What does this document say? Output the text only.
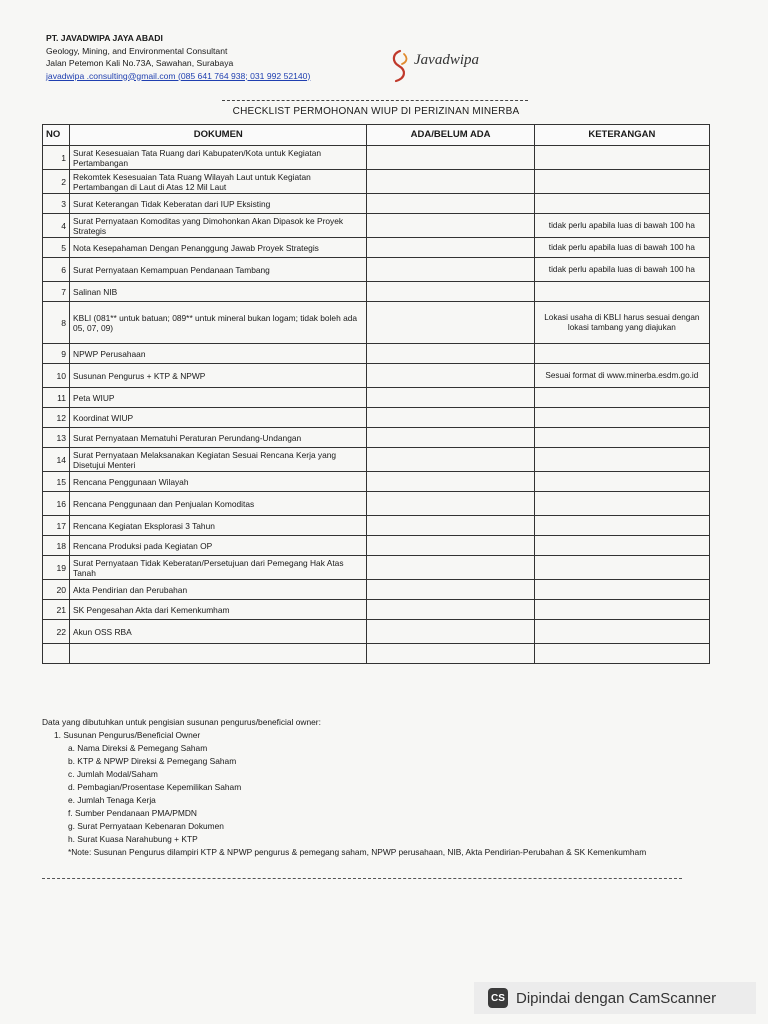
PT. JAVADWIPA JAYA ABADI
Geology, Mining, and Environmental Consultant
Jalan Petemon Kali No.73A, Sawahan, Surabaya
javadwipa .consulting@gmail.com (085 641 764 938; 031 992 52140)
Javadwipa
CHECKLIST PERMOHONAN WIUP DI PERIZINAN MINERBA
NO	DOKUMEN	ADA/BELUM ADA	KETERANGAN
1	Surat Kesesuaian Tata Ruang dari Kabupaten/Kota untuk Kegiatan Pertambangan		
2	Rekomtek Kesesuaian Tata Ruang Wilayah Laut untuk Kegiatan Pertambangan di Laut di Atas 12 Mil Laut		
3	Surat Keterangan Tidak Keberatan dari IUP Eksisting		
4	Surat Pernyataan Komoditas yang Dimohonkan Akan Dipasok ke Proyek Strategis		tidak perlu apabila luas di bawah 100 ha
5	Nota Kesepahaman Dengan Penanggung Jawab Proyek Strategis		tidak perlu apabila luas di bawah 100 ha
6	Surat Pernyataan Kemampuan Pendanaan Tambang		tidak perlu apabila luas di bawah 100 ha
7	Salinan NIB		
8	KBLI (081** untuk batuan; 089** untuk mineral bukan logam; tidak boleh ada 05, 07, 09)		Lokasi usaha di KBLI harus sesuai dengan lokasi tambang yang diajukan
9	NPWP Perusahaan		
10	Susunan Pengurus + KTP & NPWP		Sesuai format di www.minerba.esdm.go.id
11	Peta WIUP		
12	Koordinat WIUP		
13	Surat Pernyataan Mematuhi Peraturan Perundang-Undangan		
14	Surat Pernyataan Melaksanakan Kegiatan Sesuai Rencana Kerja yang Disetujui Menteri		
15	Rencana Penggunaan Wilayah		
16	Rencana Penggunaan dan Penjualan Komoditas		
17	Rencana Kegiatan Eksplorasi 3 Tahun		
18	Rencana Produksi pada Kegiatan OP		
19	Surat Pernyataan Tidak Keberatan/Persetujuan dari Pemegang Hak Atas Tanah		
20	Akta Pendirian dan Perubahan		
21	SK Pengesahan Akta dari Kemenkumham		
22	Akun OSS RBA		

Data yang dibutuhkan untuk pengisian susunan pengurus/beneficial owner:
1. Susunan Pengurus/Beneficial Owner
a. Nama Direksi & Pemegang Saham
b. KTP & NPWP Direksi & Pemegang Saham
c. Jumlah Modal/Saham
d. Pembagian/Prosentase Kepemilikan Saham
e. Jumlah Tenaga Kerja
f. Sumber Pendanaan PMA/PMDN
g. Surat Pernyataan Kebenaran Dokumen
h. Surat Kuasa Narahubung + KTP
*Note: Susunan Pengurus dilampiri KTP & NPWP pengurus & pemegang saham, NPWP perusahaan, NIB, Akta Pendirian-Perubahan & SK Kemenkumham
CS Dipindai dengan CamScanner
